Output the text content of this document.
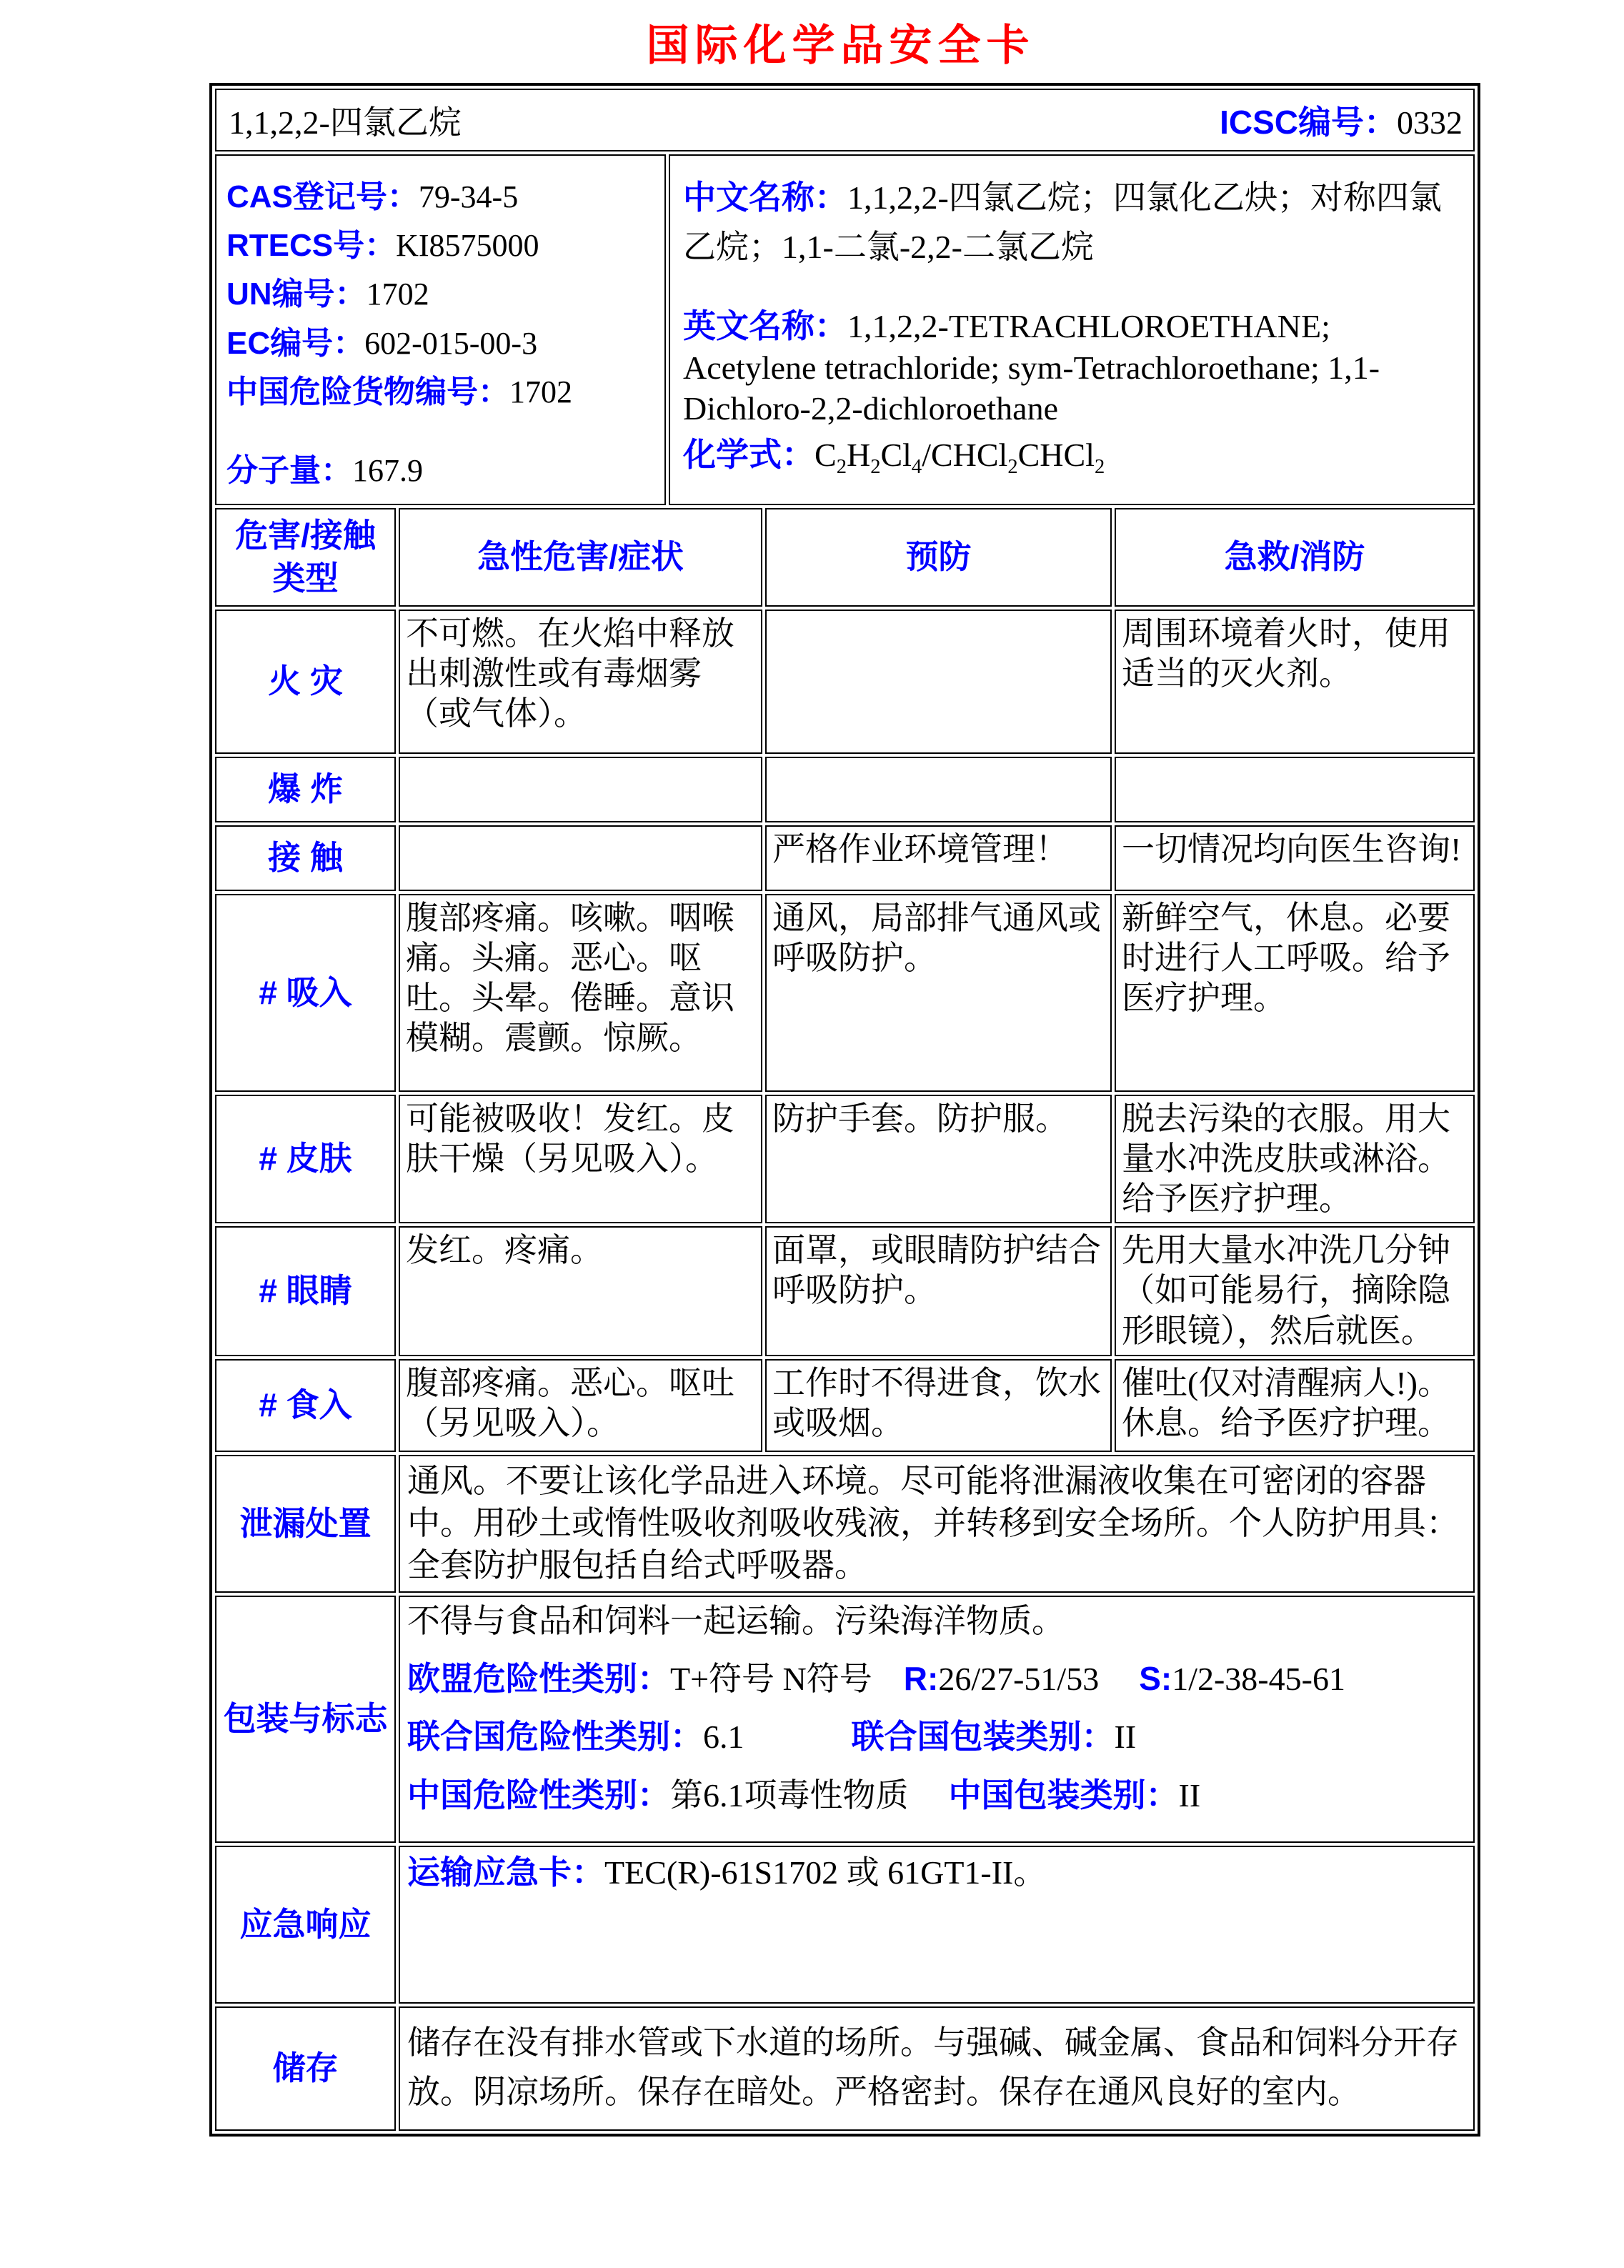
国际化学品安全卡
1,1,2,2-四氯乙烷 ICSC编号：0332				

CAS登记号：79-34-5
RTECS号：KI8575000
UN编号：1702
EC编号：602-015-00-3
中国危险货物编号：1702
分子量：167.9

中文名称：1,1,2,2-四氯乙烷；四氯化乙炔；对称四氯乙烷；1,1-二氯-2,2-二氯乙烷
英文名称：1,1,2,2-TETRACHLOROETHANE; Acetylene tetrachloride; sym-Tetrachloroethane; 1,1-Dichloro-2,2-dichloroethane
化学式：$C_2H_2Cl_4/CHCl_2CHCl_2$

危害/接触类型	急性危害/症状		预防	急救/消防
火 灾	不可燃。在火焰中释放出刺激性或有毒烟雾（或气体）。			周围环境着火时，使用适当的灭火剂。
爆 炸				
接 触			严格作业环境管理！	一切情况均向医生咨询!
# 吸入	腹部疼痛。咳嗽。咽喉痛。头痛。恶心。呕吐。头晕。倦睡。意识模糊。震颤。惊厥。		通风，局部排气通风或呼吸防护。	新鲜空气，休息。必要时进行人工呼吸。给予医疗护理。
# 皮肤	可能被吸收！发红。皮肤干燥（另见吸入）。		防护手套。防护服。	脱去污染的衣服。用大量水冲洗皮肤或淋浴。给予医疗护理。
# 眼睛	发红。疼痛。		面罩，或眼睛防护结合呼吸防护。	先用大量水冲洗几分钟（如可能易行，摘除隐形眼镜），然后就医。
# 食入	腹部疼痛。恶心。呕吐（另见吸入）。		工作时不得进食，饮水或吸烟。	催吐(仅对清醒病人!)。休息。给予医疗护理。
泄漏处置	通风。不要让该化学品进入环境。尽可能将泄漏液收集在可密闭的容器中。用砂土或惰性吸收剂吸收残液，并转移到安全场所。个人防护用具：全套防护服包括自给式呼吸器。			
包装与标志	不得与食品和饲料一起运输。污染海洋物质。
欧盟危险性类别：T+符号 N符号 R:26/27-51/53 S:1/2-38-45-61
联合国危险性类别：6.1 联合国包装类别：II
中国危险性类别：第6.1项毒性物质 中国包装类别：II			

应急响应	运输应急卡：TEC(R)-61S1702 或 61GT1-II。			
储存	储存在没有排水管或下水道的场所。与强碱、碱金属、食品和饲料分开存放。阴凉场所。保存在暗处。严格密封。保存在通风良好的室内。			
